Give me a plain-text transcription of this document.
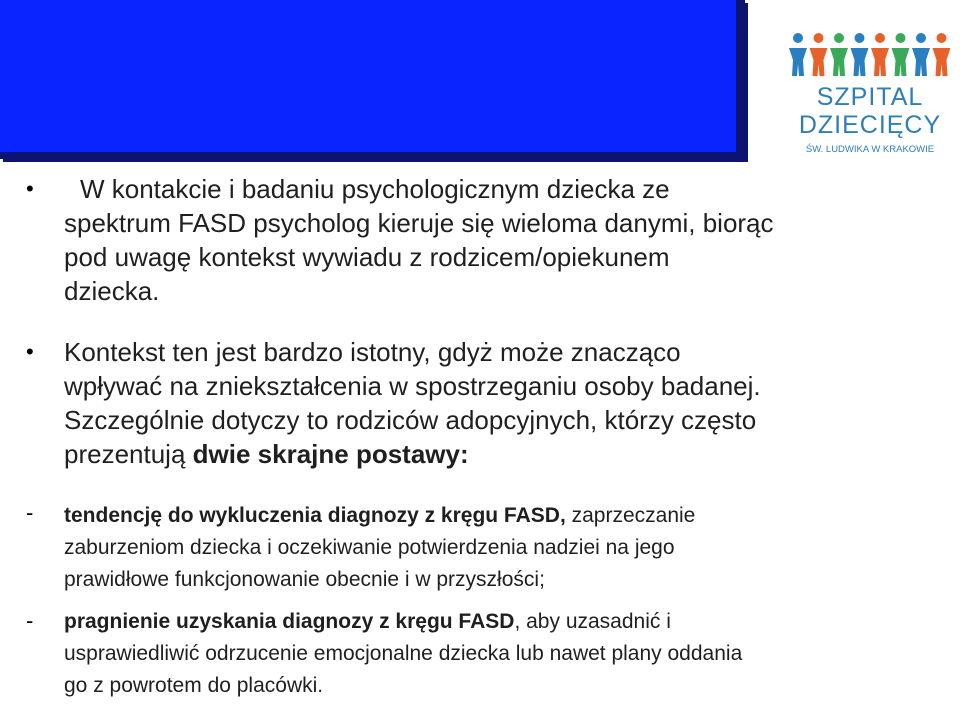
SZPITAL
DZIECIĘCY
ŚW. LUDWIKA W KRAKOWIE
•	W kontakcie i badaniu psychologicznym dziecka ze
spektrum FASD psycholog kieruje się wieloma danymi, biorąc
pod uwagę kontekst wywiadu z rodzicem/opiekunem
dziecka.
• Kontekst ten jest bardzo istotny, gdyż może znacząco
wpływać na zniekształcenia w spostrzeganiu osoby badanej.
Szczególnie dotyczy to rodziców adopcyjnych, którzy często
prezentują dwie skrajne postawy:
- tendencję do wykluczenia diagnozy z kręgu FASD, zaprzeczanie
zaburzeniom dziecka i oczekiwanie potwierdzenia nadziei na jego
prawidłowe funkcjonowanie obecnie i w przyszłości;
- pragnienie uzyskania diagnozy z kręgu FASD, aby uzasadnić i
usprawiedliwić odrzucenie emocjonalne dziecka lub nawet plany oddania
go z powrotem do placówki.
